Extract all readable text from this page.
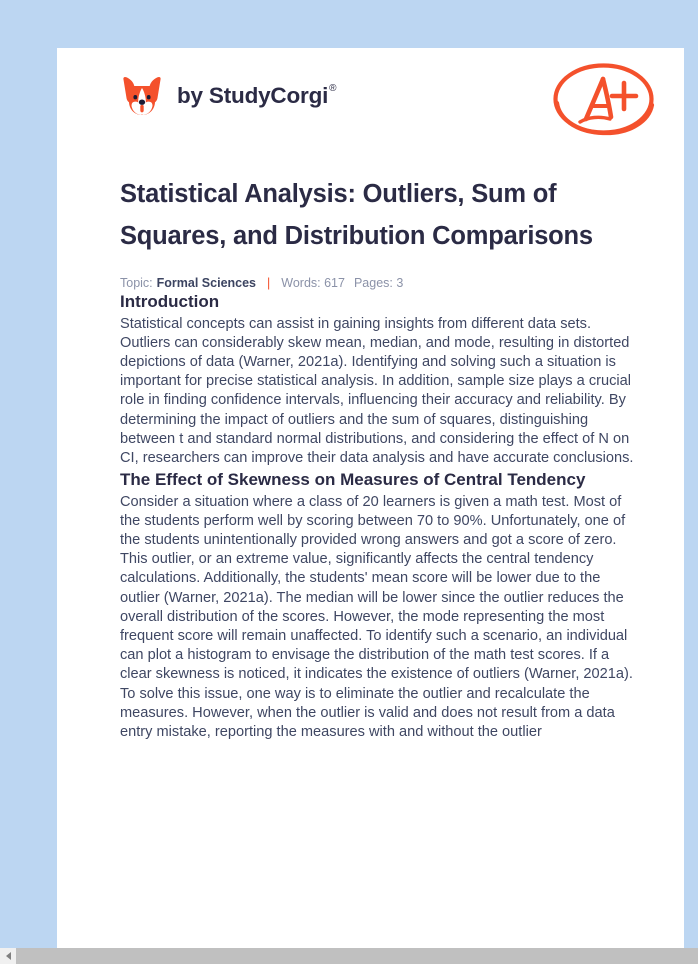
by StudyCorgi®
Statistical Analysis: Outliers, Sum of Squares, and Distribution Comparisons
Topic: Formal Sciences | Words: 617 Pages: 3
Introduction

Statistical concepts can assist in gaining insights from different data sets. Outliers can considerably skew mean, median, and mode, resulting in distorted depictions of data (Warner, 2021a). Identifying and solving such a situation is important for precise statistical analysis. In addition, sample size plays a crucial role in finding confidence intervals, influencing their accuracy and reliability. By determining the impact of outliers and the sum of squares, distinguishing between t and standard normal distributions, and considering the effect of N on CI, researchers can improve their data analysis and have accurate conclusions.

The Effect of Skewness on Measures of Central Tendency

Consider a situation where a class of 20 learners is given a math test. Most of the students perform well by scoring between 70 to 90%. Unfortunately, one of the students unintentionally provided wrong answers and got a score of zero. This outlier, or an extreme value, significantly affects the central tendency calculations. Additionally, the students' mean score will be lower due to the outlier (Warner, 2021a). The median will be lower since the outlier reduces the overall distribution of the scores. However, the mode representing the most frequent score will remain unaffected. To identify such a scenario, an individual can plot a histogram to envisage the distribution of the math test scores. If a clear skewness is noticed, it indicates the existence of outliers (Warner, 2021a). To solve this issue, one way is to eliminate the outlier and recalculate the measures. However, when the outlier is valid and does not result from a data entry mistake, reporting the measures with and without the outlier
